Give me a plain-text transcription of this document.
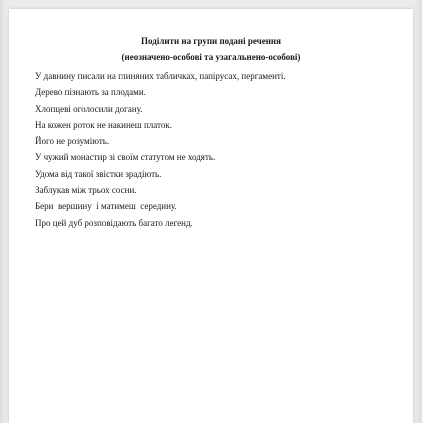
Поділити на групи подані речення
(неозначено-особові та узагальнено-особові)
У давнину писали на глиняних табличках, папірусах, пергаменті.
Дерево пізнають за плодами.
Хлопцеві оголосили догану.
На кожен роток не накинеш платок.
Його не розуміють.
У чужий монастир зі своїм статутом не ходять.
Удома від такої звістки зрадіють.
Заблукав між трьох сосни.
Бери  вершину  і матимеш  середину.
Про цей дуб розповідають багато легенд.
